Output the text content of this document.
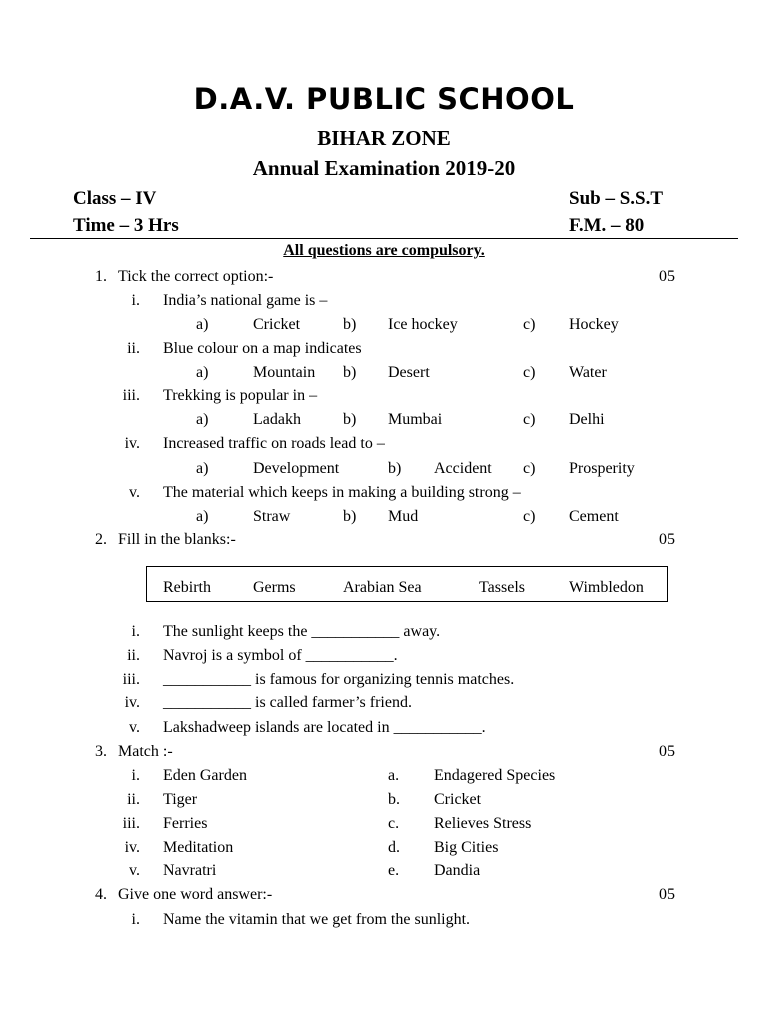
D.A.V. PUBLIC SCHOOL
BIHAR ZONE
Annual Examination 2019-20
Class – IV	Sub – S.S.T
Time – 3 Hrs	F.M. – 80
All questions are compulsory.
1. Tick the correct option:-	05
i. India’s national game is –
a)	Cricket	b) Ice hockey	c) Hockey
ii. Blue colour on a map indicates
a)	Mountain b) Desert	c) Water
iii. Trekking is popular in –
a)	Ladakh	b) Mumbai	c) Delhi
iv. Increased traffic on roads lead to –
a)	Development	b) Accident c) Prosperity
v. The material which keeps in making a building strong –
a)	Straw	b) Mud	c) Cement
2. Fill in the blanks:-	05
Rebirth	Germs	Arabian Sea	Tassels	Wimbledon
i. The sunlight keeps the ___________ away.
ii. Navroj is a symbol of ___________.
iii. ___________ is famous for organizing tennis matches.
iv. ___________ is called farmer’s friend.
v. Lakshadweep islands are located in ___________.
3. Match :-	05
i. Eden Garden	a. Endagered Species
ii. Tiger	b. Cricket
iii. Ferries	c. Relieves Stress
iv. Meditation	d. Big Cities
v. Navratri	e. Dandia
4. Give one word answer:-	05
i. Name the vitamin that we get from the sunlight.
